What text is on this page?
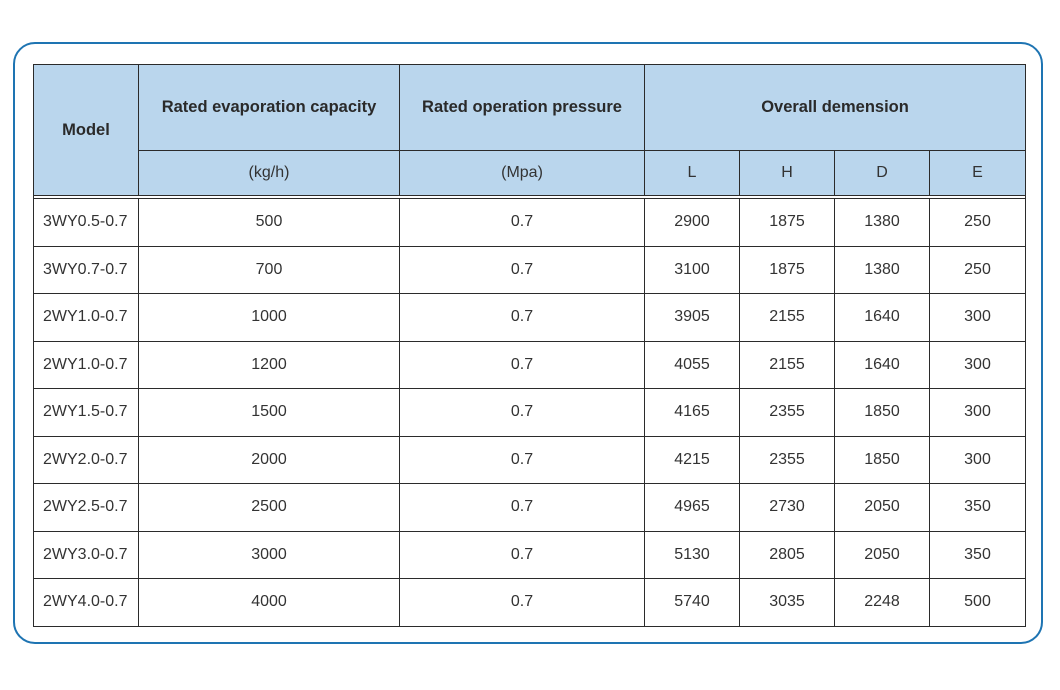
Model	Rated evaporation capacity	Rated operation pressure	Overall demension			
	(kg/h)	(Mpa)	L	H	D	E

3WY0.5-0.7	500	0.7	2900	1875	1380	250
3WY0.7-0.7	700	0.7	3100	1875	1380	250
2WY1.0-0.7	1000	0.7	3905	2155	1640	300
2WY1.0-0.7	1200	0.7	4055	2155	1640	300
2WY1.5-0.7	1500	0.7	4165	2355	1850	300
2WY2.0-0.7	2000	0.7	4215	2355	1850	300
2WY2.5-0.7	2500	0.7	4965	2730	2050	350
2WY3.0-0.7	3000	0.7	5130	2805	2050	350
2WY4.0-0.7	4000	0.7	5740	3035	2248	500
